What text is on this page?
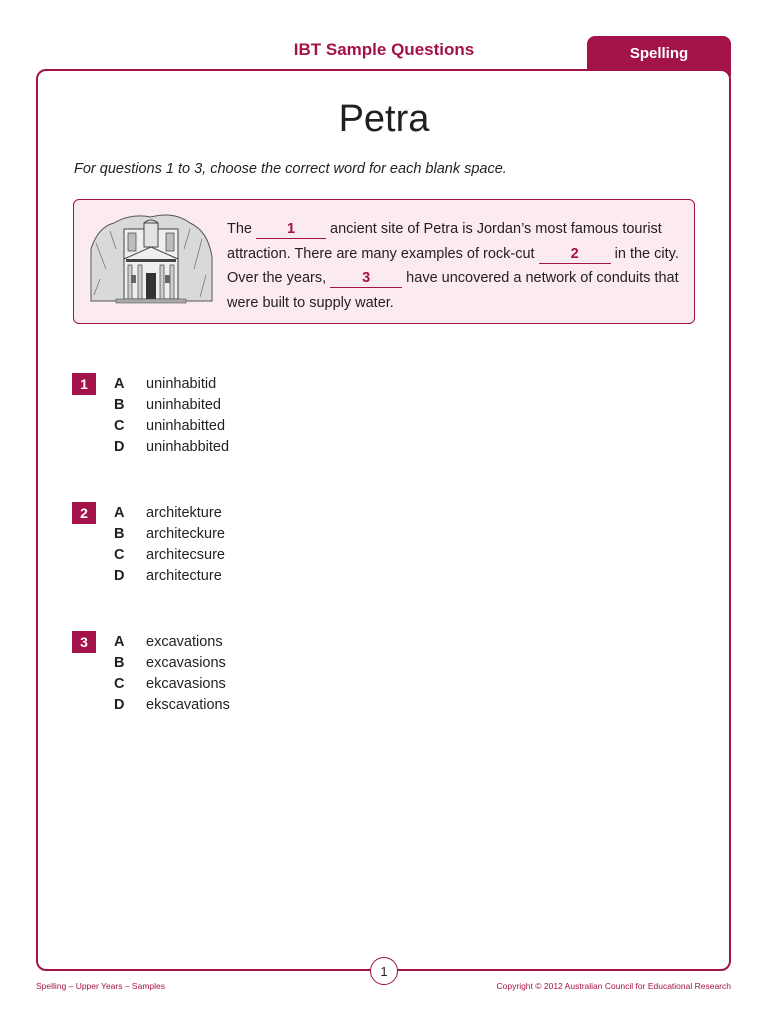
IBT Sample Questions	Spelling
Petra
For questions 1 to 3, choose the correct word for each blank space.
The 1 ancient site of Petra is Jordan’s most famous tourist attraction. There are many examples of rock-cut 2 in the city. Over the years, 3 have uncovered a network of conduits that were built to supply water.
1	A uninhabitid
B uninhabited
C uninhabitted
D uninhabbited
2	A architekture
B architeckure
C architecsure
D architecture
3	A excavations
B excavasions
C ekcavasions
D ekscavations
1
Spelling – Upper Years – Samples	Copyright © 2012 Australian Council for Educational Research
